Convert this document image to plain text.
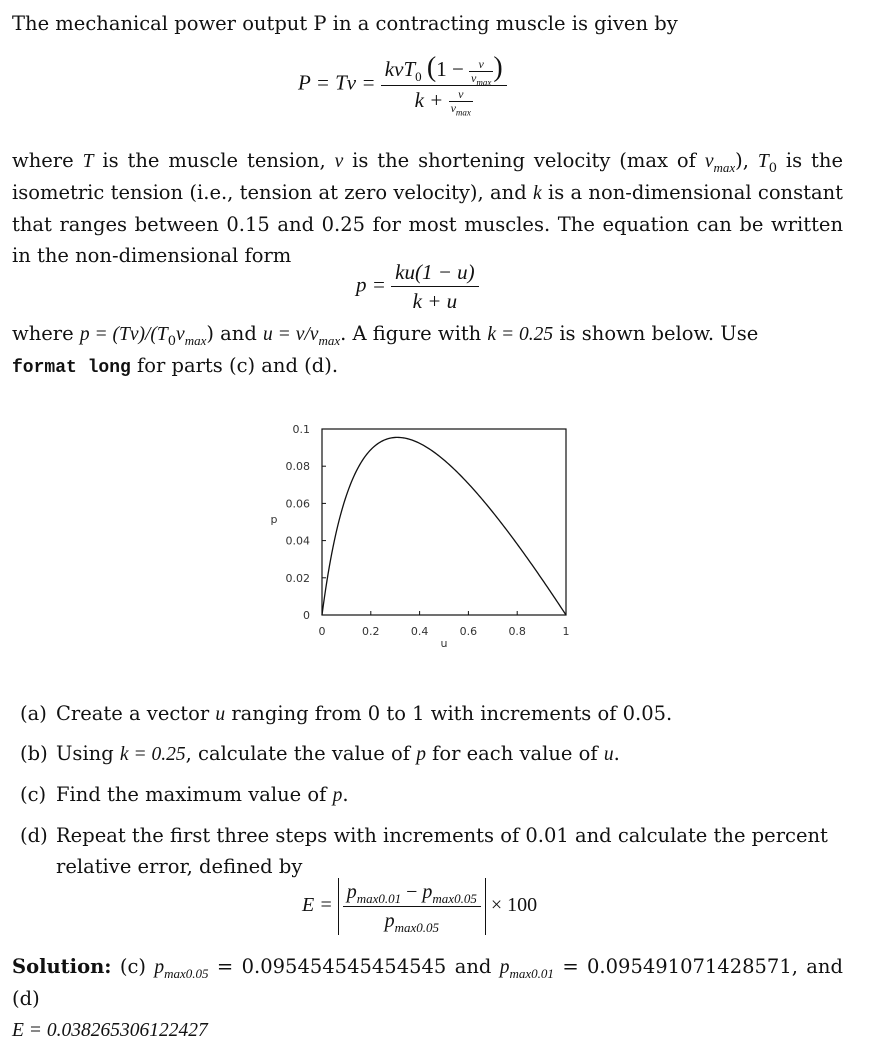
The mechanical power output P in a contracting muscle is given by
$P = Tv = \frac{kvT_0 (1 - \frac{v}{v_{max}} )}{k + \frac{v}{v_{max}}}$
where T is the muscle tension, v is the shortening velocity (max of $v_{max}$), $T_0$ is the isometric tension (i.e., tension at zero velocity), and k is a non-dimensional constant that ranges between 0.15 and 0.25 for most muscles. The equation can be written in the non-dimensional form
$p = \frac{ku(1 - u)}{k + u}$
where $p = (Tv)/(T_0v_{max})$ and $u = v/v_{max}$. A figure with k = 0.25 is shown below. Use
format long for parts (c) and (d).
0
0.02
0.04
0.06
0.08
0.1
0	0.2	0.4	0.6	0.8	1
p
u
(a) Create a vector u ranging from 0 to 1 with increments of 0.05.
(b) Using k = 0.25, calculate the value of p for each value of u.
(c) Find the maximum value of p.
(d) Repeat the first three steps with increments of 0.01 and calculate the percent relative error, defined by
$E = \frac{p_{max0.01} - p_{max0.05}}{p_{max0.05}} \times 100$
Solution: (c) $p_{max0.05} = 0.095454545454545$ and $p_{max0.01} = 0.095491071428571$, and (d)
E = 0.038265306122427
